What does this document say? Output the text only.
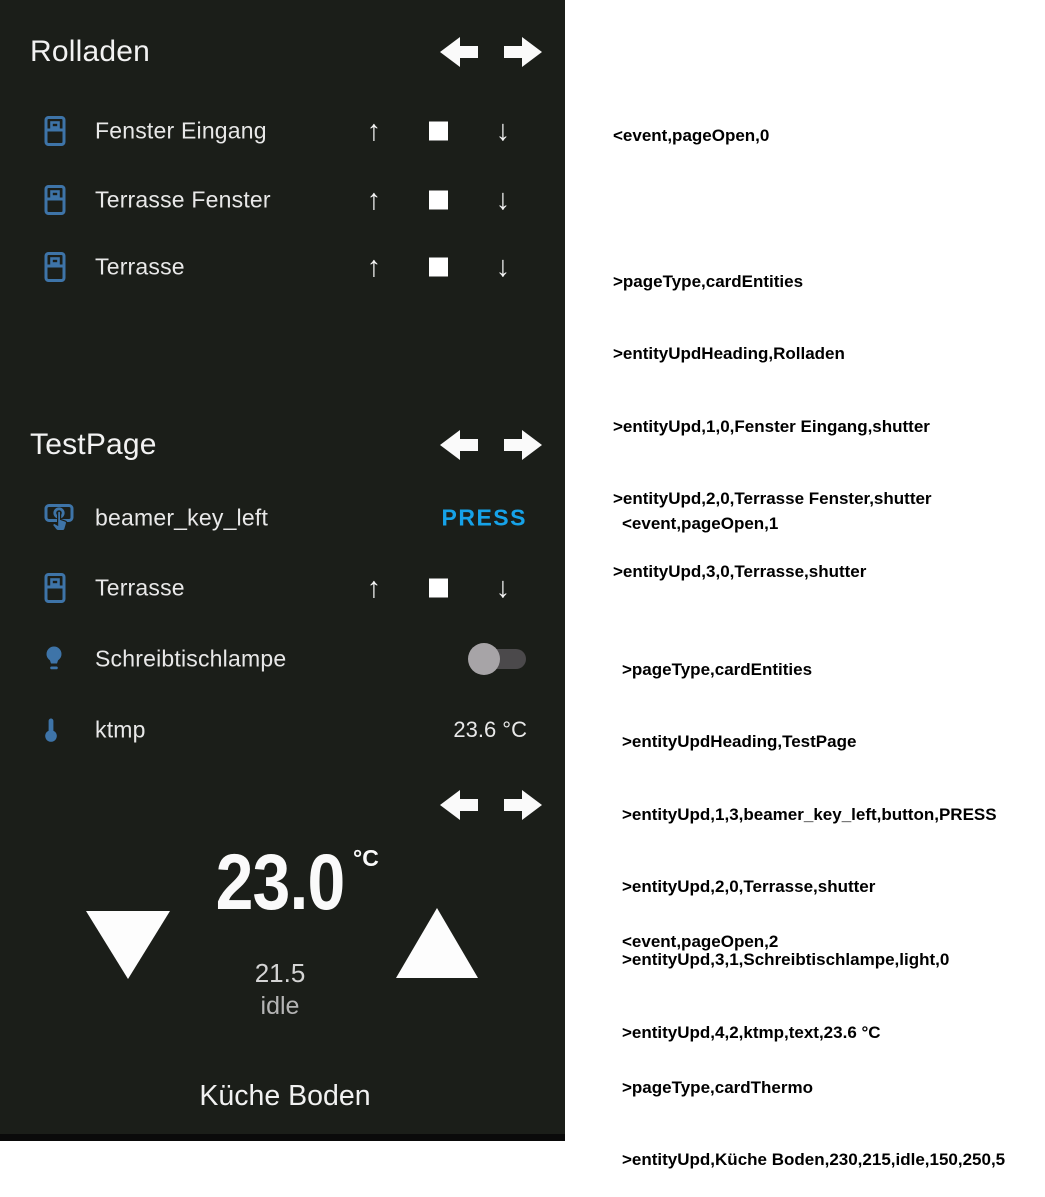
Rolladen
Fenster Eingang	↑	↓
Terrasse Fenster	↑	↓
Terrasse	↑	↓
TestPage
beamer_key_left	PRESS
Terrasse	↑	↓
Schreibtischlampe
ktmp	23.6 °C
23.0 °C
21.5
idle
Küche Boden

<event,pageOpen,0

>pageType,cardEntities

>entityUpdHeading,Rolladen

>entityUpd,1,0,Fenster Eingang,shutter

>entityUpd,2,0,Terrasse Fenster,shutter

>entityUpd,3,0,Terrasse,shutter

<event,pageOpen,1

>pageType,cardEntities

>entityUpdHeading,TestPage

>entityUpd,1,3,beamer_key_left,button,PRESS

>entityUpd,2,0,Terrasse,shutter

>entityUpd,3,1,Schreibtischlampe,light,0

>entityUpd,4,2,ktmp,text,23.6 °C

<event,pageOpen,2

>pageType,cardThermo

>entityUpd,Küche Boden,230,215,idle,150,250,5
